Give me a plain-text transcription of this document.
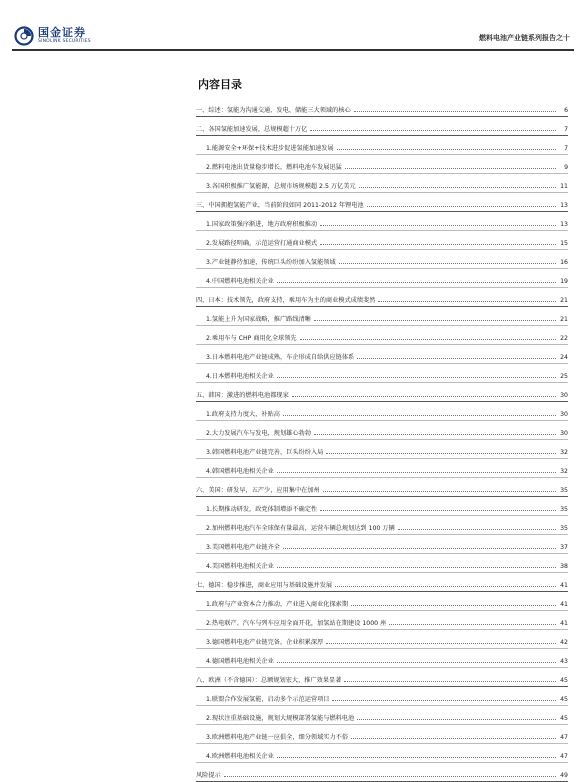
国金证券
SINOLINK SECURITIES	燃料电池产业链系列报告之十
内容目录
一、综述：氢能为沟通交通、发电、储能三大领域的核心	6
二、各国氢能加速发展，总规模超十万亿	7
1.能源安全+环保+技术进步促进氢能加速发展	7
2.燃料电池出货量稳步增长，燃料电池车发展迅猛	9
3.各国积极推广氢能源，总规市场规模超 2.5 万亿美元	11
三、中国拥抱氢能产业，当前阶段如同 2011-2012 年锂电池	13
1.国家政策强序渐进，地方政府积极推动	13
2.发展路径明确，示范运营打通商业模式	15
3.产业链静待加速，传统巨头纷纷加入氢能领域	16
4.中国燃料电池相关企业	19
四、日本：技术领先，政府支持，乘用车为主的商业模式成绩斐然	21
1.氢能上升为国家战略，推广路线清晰	21
2.乘用车与 CHP 商用化全球领先	22
3.日本燃料电池产业链成熟，车企形成自给供应链体系	24
4.日本燃料电池相关企业	25
五、韩国：激进的燃料电池都现家	30
1.政府支持力度大、补贴高	30
2.大力发展汽车与发电，规划雄心勃勃	30
3.韩国燃料电池产业链完善，巨头纷纷入局	32
4.韩国燃料电池相关企业	32
六、美国：研发早，五产少，应用集中在加州	35
1.长期推动研发，政党体制增添不确定性	35
2.加州燃料电池汽车全球保有量最高，运营车辆总规划达到 100 万辆	35
3.美国燃料电池产业链齐全	37
4.美国燃料电池相关企业	38
七、德国：稳步推进，商业应用与基础设施并发展	41
1.政府与产业资本合力推动，产业进入商业化探索期	41
2.热电联产、汽车与列车应用全面开花，加氢站在期建设 1000 座	41
3.德国燃料电池产业链完备，企业积累深厚	42
4.德国燃料电池相关企业	43
八、欧洲（不含德国）：总额规划宏大，推广效果显著	45
1.联盟合作发展氢能，启动多个示范运营项目	45
2.现状注重基础设施，规划大规模部署氢能与燃料电池	45
3.欧洲燃料电池产业链一应俱全，细分领域实力不俗	47
4.欧洲燃料电池相关企业	47
风险提示	49
